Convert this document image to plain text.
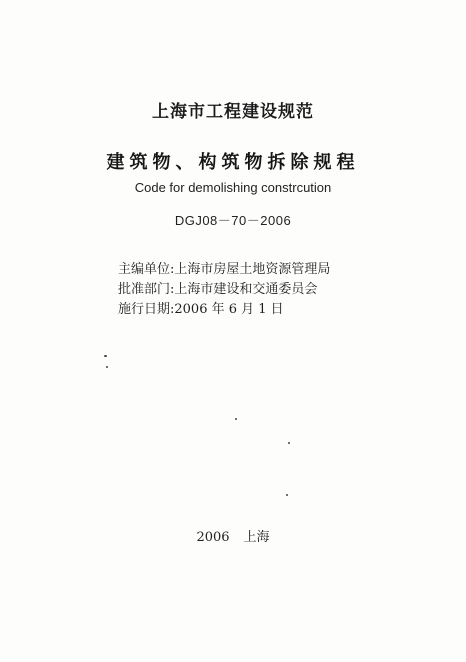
上海市工程建设规范
建筑物、构筑物拆除规程
Code for demolishing constrcution
DGJ08－70－2006
主编单位:上海市房屋土地资源管理局
批准部门:上海市建设和交通委员会
施行日期:2006 年 6 月 1 日
2006 上海
